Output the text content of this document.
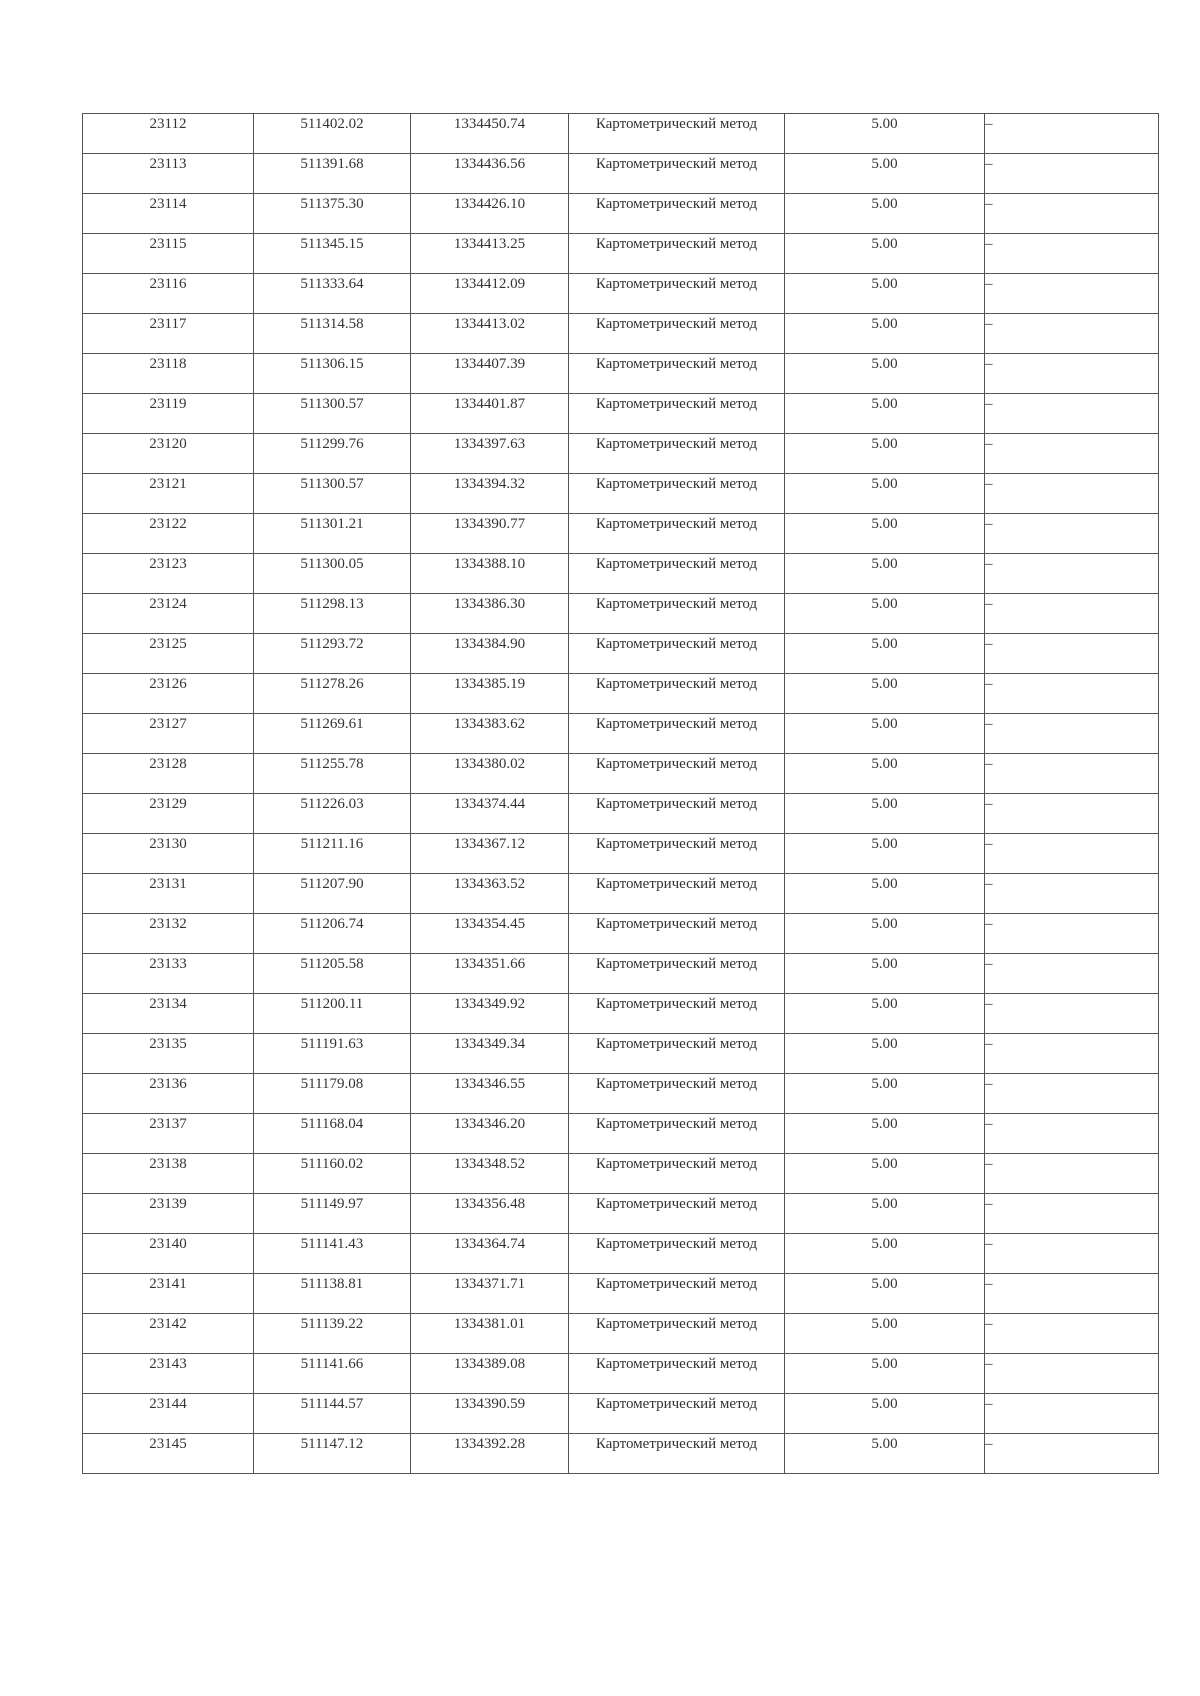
23112	511402.02	1334450.74	Картометрический метод	5.00	–
23113	511391.68	1334436.56	Картометрический метод	5.00	–
23114	511375.30	1334426.10	Картометрический метод	5.00	–
23115	511345.15	1334413.25	Картометрический метод	5.00	–
23116	511333.64	1334412.09	Картометрический метод	5.00	–
23117	511314.58	1334413.02	Картометрический метод	5.00	–
23118	511306.15	1334407.39	Картометрический метод	5.00	–
23119	511300.57	1334401.87	Картометрический метод	5.00	–
23120	511299.76	1334397.63	Картометрический метод	5.00	–
23121	511300.57	1334394.32	Картометрический метод	5.00	–
23122	511301.21	1334390.77	Картометрический метод	5.00	–
23123	511300.05	1334388.10	Картометрический метод	5.00	–
23124	511298.13	1334386.30	Картометрический метод	5.00	–
23125	511293.72	1334384.90	Картометрический метод	5.00	–
23126	511278.26	1334385.19	Картометрический метод	5.00	–
23127	511269.61	1334383.62	Картометрический метод	5.00	–
23128	511255.78	1334380.02	Картометрический метод	5.00	–
23129	511226.03	1334374.44	Картометрический метод	5.00	–
23130	511211.16	1334367.12	Картометрический метод	5.00	–
23131	511207.90	1334363.52	Картометрический метод	5.00	–
23132	511206.74	1334354.45	Картометрический метод	5.00	–
23133	511205.58	1334351.66	Картометрический метод	5.00	–
23134	511200.11	1334349.92	Картометрический метод	5.00	–
23135	511191.63	1334349.34	Картометрический метод	5.00	–
23136	511179.08	1334346.55	Картометрический метод	5.00	–
23137	511168.04	1334346.20	Картометрический метод	5.00	–
23138	511160.02	1334348.52	Картометрический метод	5.00	–
23139	511149.97	1334356.48	Картометрический метод	5.00	–
23140	511141.43	1334364.74	Картометрический метод	5.00	–
23141	511138.81	1334371.71	Картометрический метод	5.00	–
23142	511139.22	1334381.01	Картометрический метод	5.00	–
23143	511141.66	1334389.08	Картометрический метод	5.00	–
23144	511144.57	1334390.59	Картометрический метод	5.00	–
23145	511147.12	1334392.28	Картометрический метод	5.00	–
